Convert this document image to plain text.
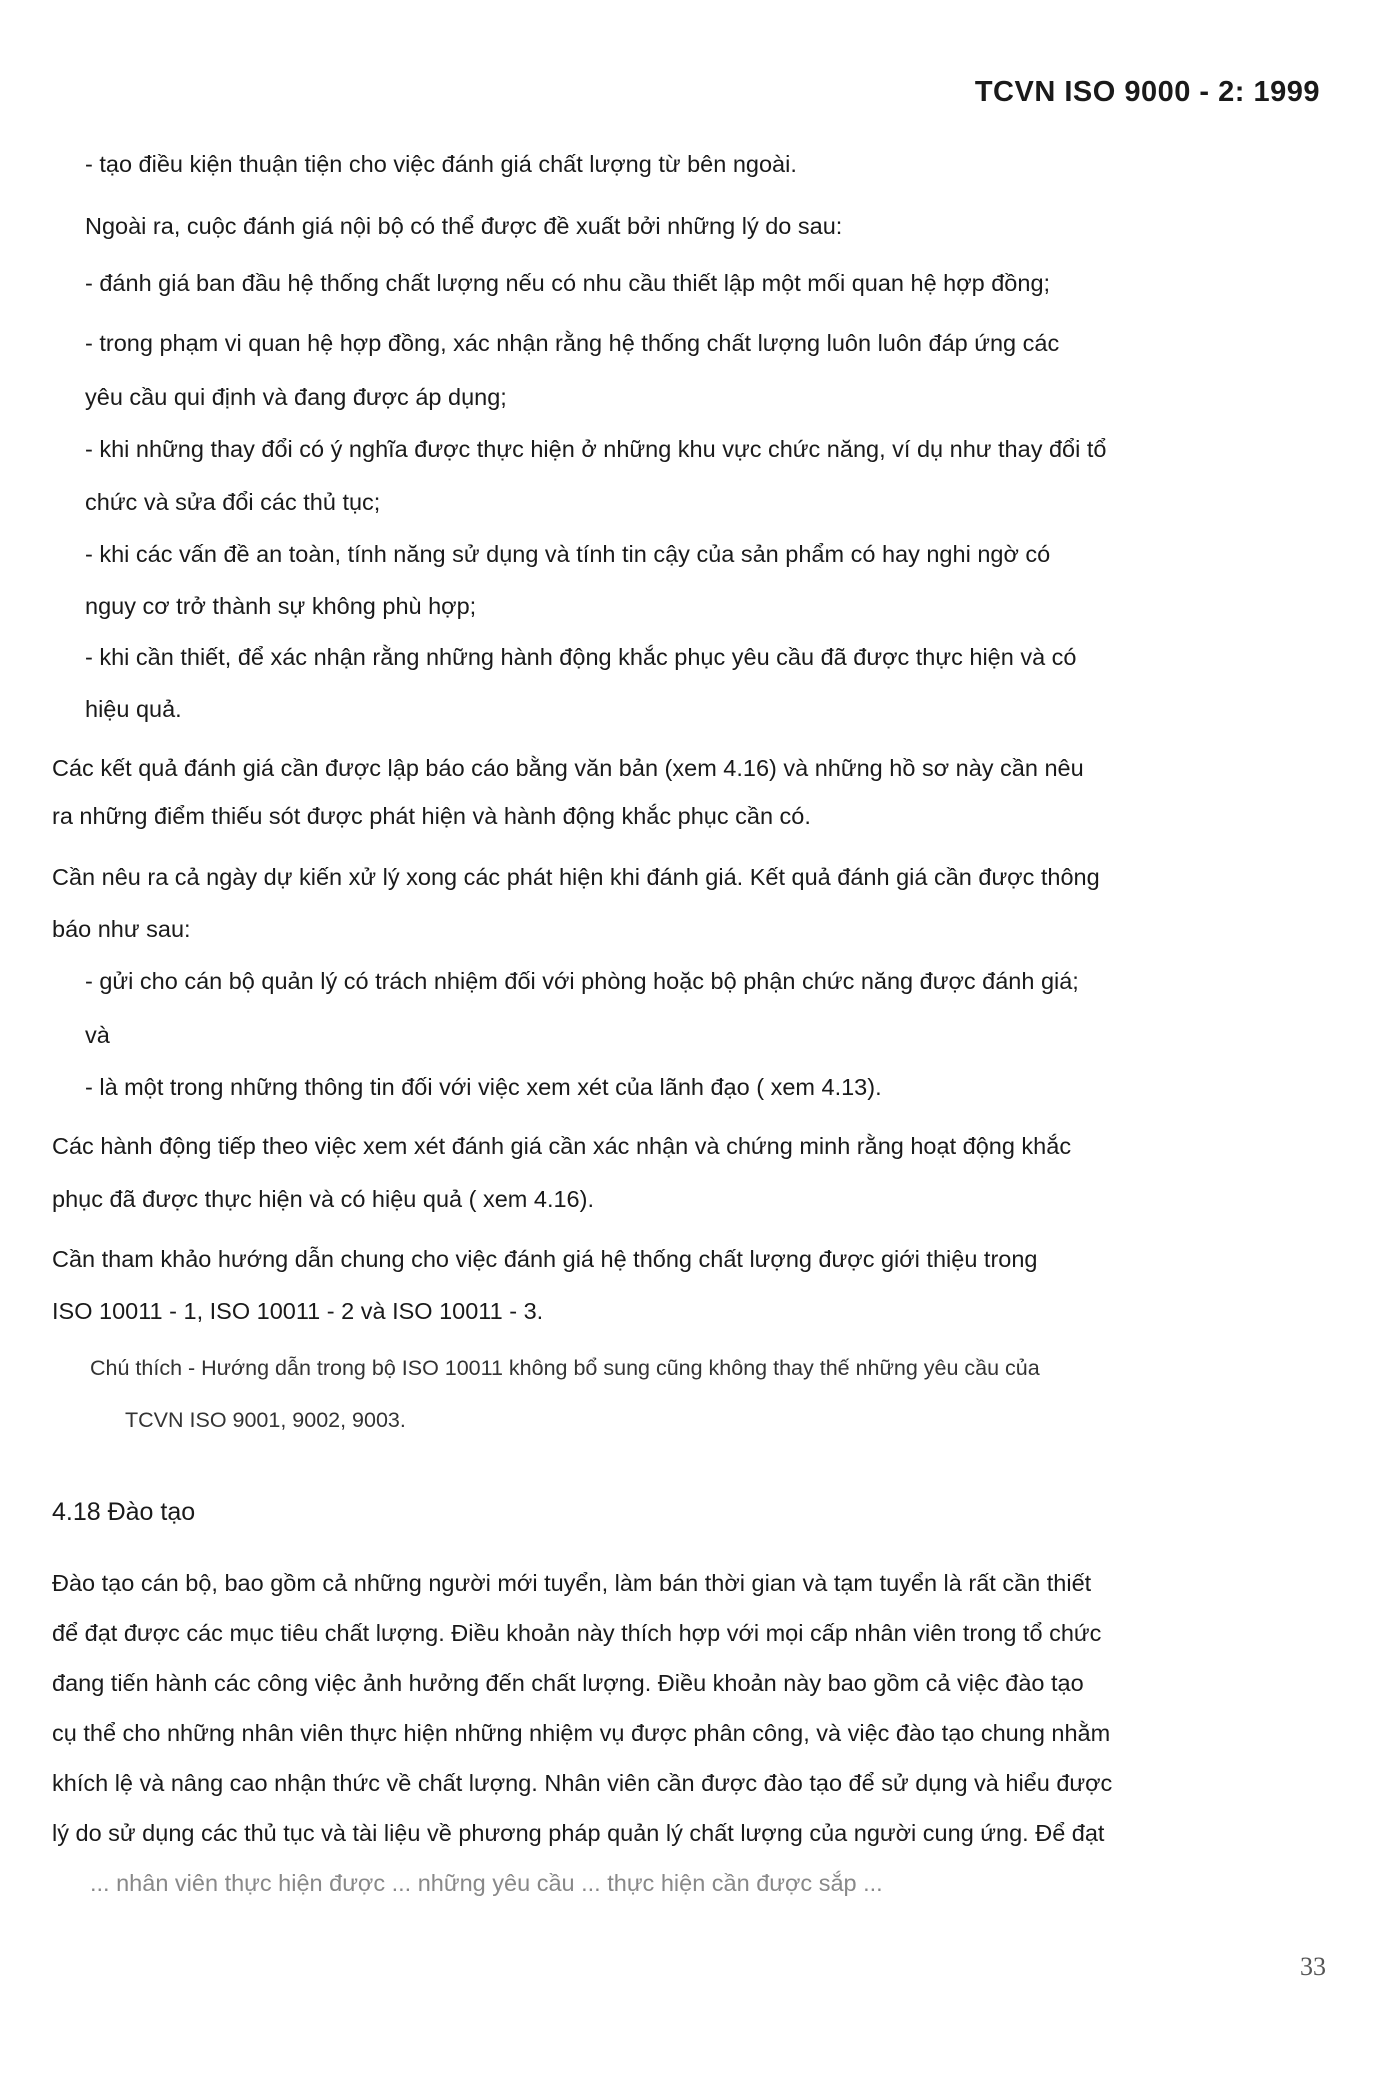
TCVN ISO 9000 - 2: 1999
- tạo điều kiện thuận tiện cho việc đánh giá chất lượng từ bên ngoài.
Ngoài ra, cuộc đánh giá nội bộ có thể được đề xuất bởi những lý do sau:
- đánh giá ban đầu hệ thống chất lượng nếu có nhu cầu thiết lập một mối quan hệ hợp đồng;
- trong phạm vi quan hệ hợp đồng, xác nhận rằng hệ thống chất lượng luôn luôn đáp ứng các
yêu cầu qui định và đang được áp dụng;
- khi những thay đổi có ý nghĩa được thực hiện ở những khu vực chức năng, ví dụ như thay đổi tổ
chức và sửa đổi các thủ tục;
- khi các vấn đề an toàn, tính năng sử dụng và tính tin cậy của sản phẩm có hay nghi ngờ có
nguy cơ trở thành sự không phù hợp;
- khi cần thiết, để xác nhận rằng những hành động khắc phục yêu cầu đã được thực hiện và có
hiệu quả.
Các kết quả đánh giá cần được lập báo cáo bằng văn bản (xem 4.16) và những hồ sơ này cần nêu
ra những điểm thiếu sót được phát hiện và hành động khắc phục cần có.
Cần nêu ra cả ngày dự kiến xử lý xong các phát hiện khi đánh giá. Kết quả đánh giá cần được thông
báo như sau:
- gửi cho cán bộ quản lý có trách nhiệm đối với phòng hoặc bộ phận chức năng được đánh giá;
và
- là một trong những thông tin đối với việc xem xét của lãnh đạo ( xem 4.13).
Các hành động tiếp theo việc xem xét đánh giá cần xác nhận và chứng minh rằng hoạt động khắc
phục đã được thực hiện và có hiệu quả ( xem 4.16).
Cần tham khảo hướng dẫn chung cho việc đánh giá hệ thống chất lượng được giới thiệu trong
ISO 10011 - 1, ISO 10011 - 2 và ISO 10011 - 3.
Chú thích - Hướng dẫn trong bộ ISO 10011 không bổ sung cũng không thay thế những yêu cầu của
TCVN ISO 9001, 9002, 9003.
4.18 Đào tạo
Đào tạo cán bộ, bao gồm cả những người mới tuyển, làm bán thời gian và tạm tuyển là rất cần thiết
để đạt được các mục tiêu chất lượng. Điều khoản này thích hợp với mọi cấp nhân viên trong tổ chức
đang tiến hành các công việc ảnh hưởng đến chất lượng. Điều khoản này bao gồm cả việc đào tạo
cụ thể cho những nhân viên thực hiện những nhiệm vụ được phân công, và việc đào tạo chung nhằm
khích lệ và nâng cao nhận thức về chất lượng. Nhân viên cần được đào tạo để sử dụng và hiểu được
lý do sử dụng các thủ tục và tài liệu về phương pháp quản lý chất lượng của người cung ứng. Để đạt
... nhân viên thực hiện được ... những yêu cầu ... thực hiện cần được sắp ...
33
